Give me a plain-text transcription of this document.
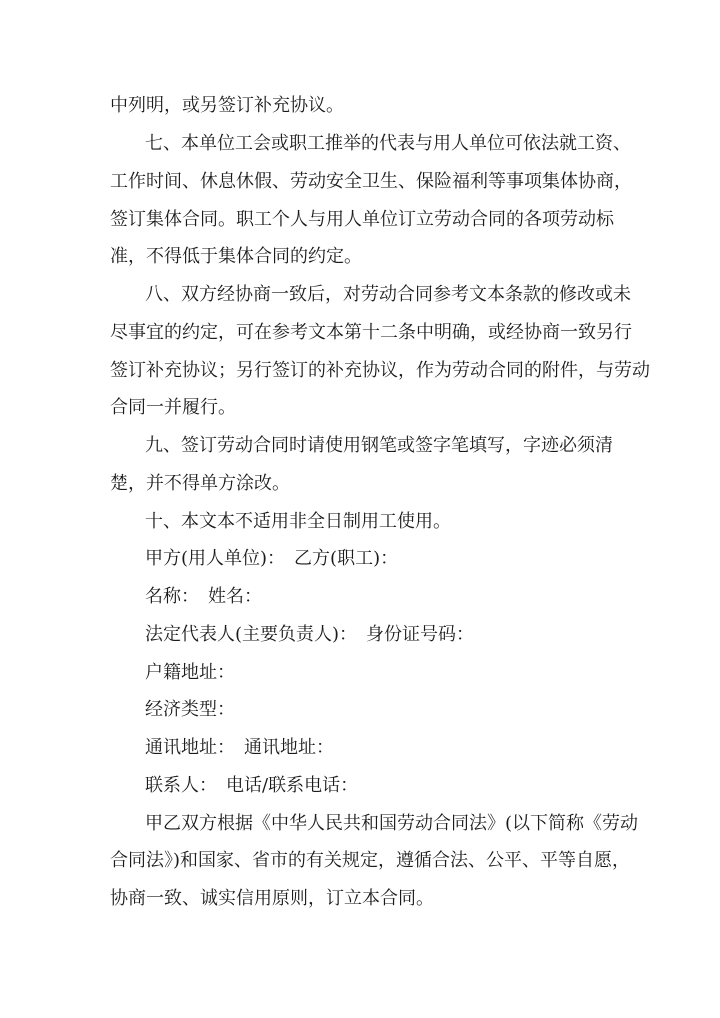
中列明，或另签订补充协议。
七、本单位工会或职工推举的代表与用人单位可依法就工资、
工作时间、休息休假、劳动安全卫生、保险福利等事项集体协商，
签订集体合同。职工个人与用人单位订立劳动合同的各项劳动标
准，不得低于集体合同的约定。
八、双方经协商一致后，对劳动合同参考文本条款的修改或未
尽事宜的约定，可在参考文本第十二条中明确，或经协商一致另行
签订补充协议；另行签订的补充协议，作为劳动合同的附件，与劳动
合同一并履行。
九、签订劳动合同时请使用钢笔或签字笔填写，字迹必须清
楚，并不得单方涂改。
十、本文本不适用非全日制用工使用。
甲方(用人单位)：　乙方(职工)：
名称：　姓名：
法定代表人(主要负责人)：　身份证号码：
户籍地址：
经济类型：
通讯地址：　通讯地址：
联系人：　电话/联系电话：
甲乙双方根据《中华人民共和国劳动合同法》(以下简称《劳动
合同法》)和国家、省市的有关规定，遵循合法、公平、平等自愿，
协商一致、诚实信用原则，订立本合同。
